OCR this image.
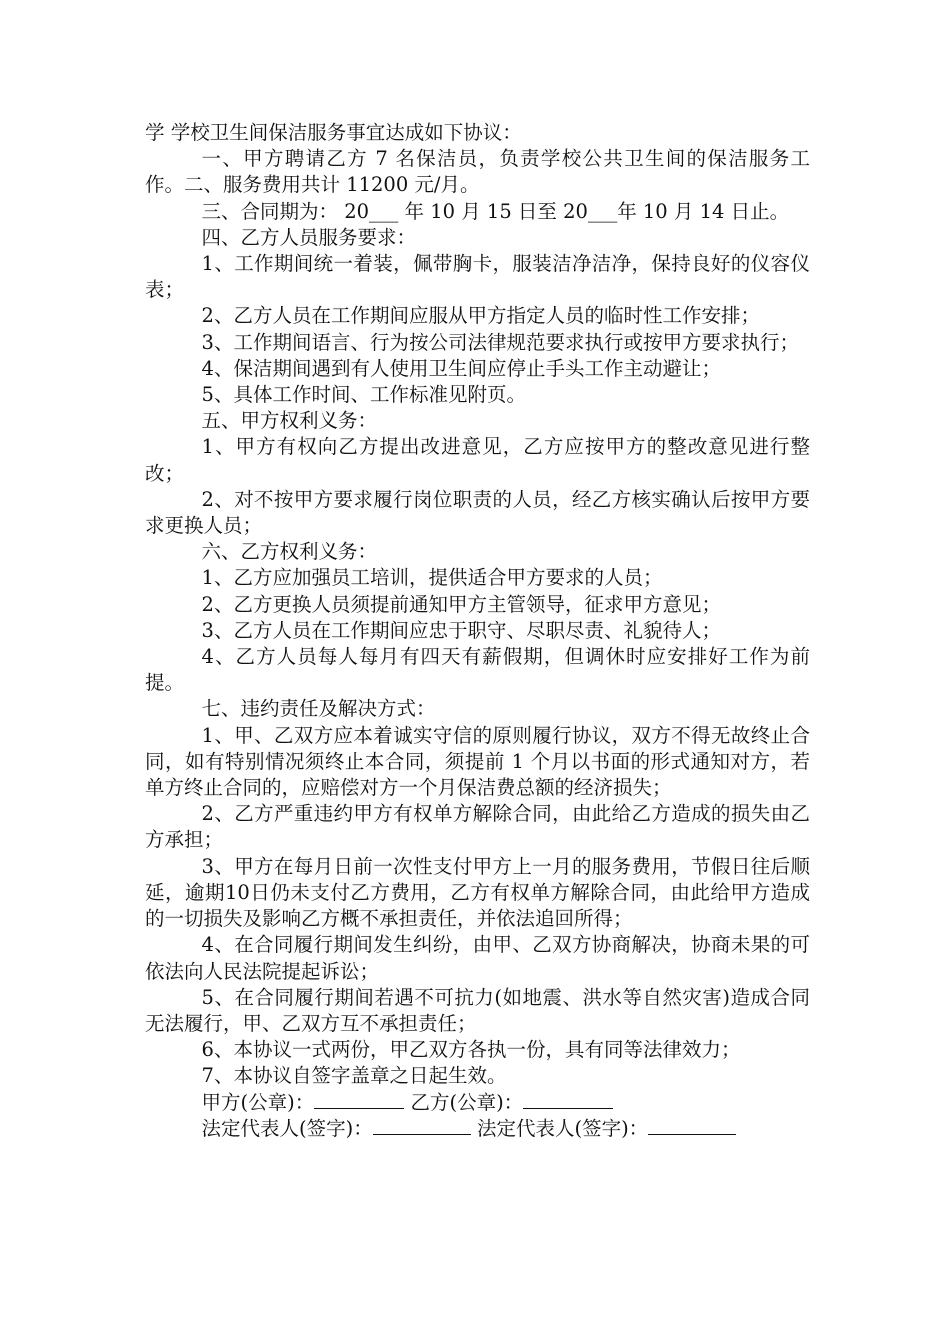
学 学校卫生间保洁服务事宜达成如下协议：

一、甲方聘请乙方 7 名保洁员，负责学校公共卫生间的保洁服务工作。二、服务费用共计 11200 元/月。

三、合同期为： 20___ 年 10 月 15 日至 20___年 10 月 14 日止。

四、乙方人员服务要求：

1、工作期间统一着装，佩带胸卡，服装洁净洁净，保持良好的仪容仪表；

2、乙方人员在工作期间应服从甲方指定人员的临时性工作安排；

3、工作期间语言、行为按公司法律规范要求执行或按甲方要求执行；

4、保洁期间遇到有人使用卫生间应停止手头工作主动避让；

5、具体工作时间、工作标准见附页。

五、甲方权利义务：

1、甲方有权向乙方提出改进意见，乙方应按甲方的整改意见进行整改；

2、对不按甲方要求履行岗位职责的人员，经乙方核实确认后按甲方要求更换人员；

六、乙方权利义务：

1、乙方应加强员工培训，提供适合甲方要求的人员；

2、乙方更换人员须提前通知甲方主管领导，征求甲方意见；

3、乙方人员在工作期间应忠于职守、尽职尽责、礼貌待人；

4、乙方人员每人每月有四天有薪假期，但调休时应安排好工作为前提。

七、违约责任及解决方式：

1、甲、乙双方应本着诚实守信的原则履行协议，双方不得无故终止合同，如有特别情况须终止本合同，须提前 1 个月以书面的形式通知对方，若单方终止合同的，应赔偿对方一个月保洁费总额的经济损失；

2、乙方严重违约甲方有权单方解除合同，由此给乙方造成的损失由乙方承担；

3、甲方在每月日前一次性支付甲方上一月的服务费用，节假日往后顺延，逾期10日仍未支付乙方费用，乙方有权单方解除合同，由此给甲方造成的一切损失及影响乙方概不承担责任，并依法追回所得；

4、在合同履行期间发生纠纷，由甲、乙双方协商解决，协商未果的可依法向人民法院提起诉讼；

5、在合同履行期间若遇不可抗力(如地震、洪水等自然灾害)造成合同无法履行，甲、乙双方互不承担责任；

6、本协议一式两份，甲乙双方各执一份，具有同等法律效力；

7、本协议自签字盖章之日起生效。

甲方(公章)：	乙方(公章)：
法定代表人(签字)：	法定代表人(签字)：
